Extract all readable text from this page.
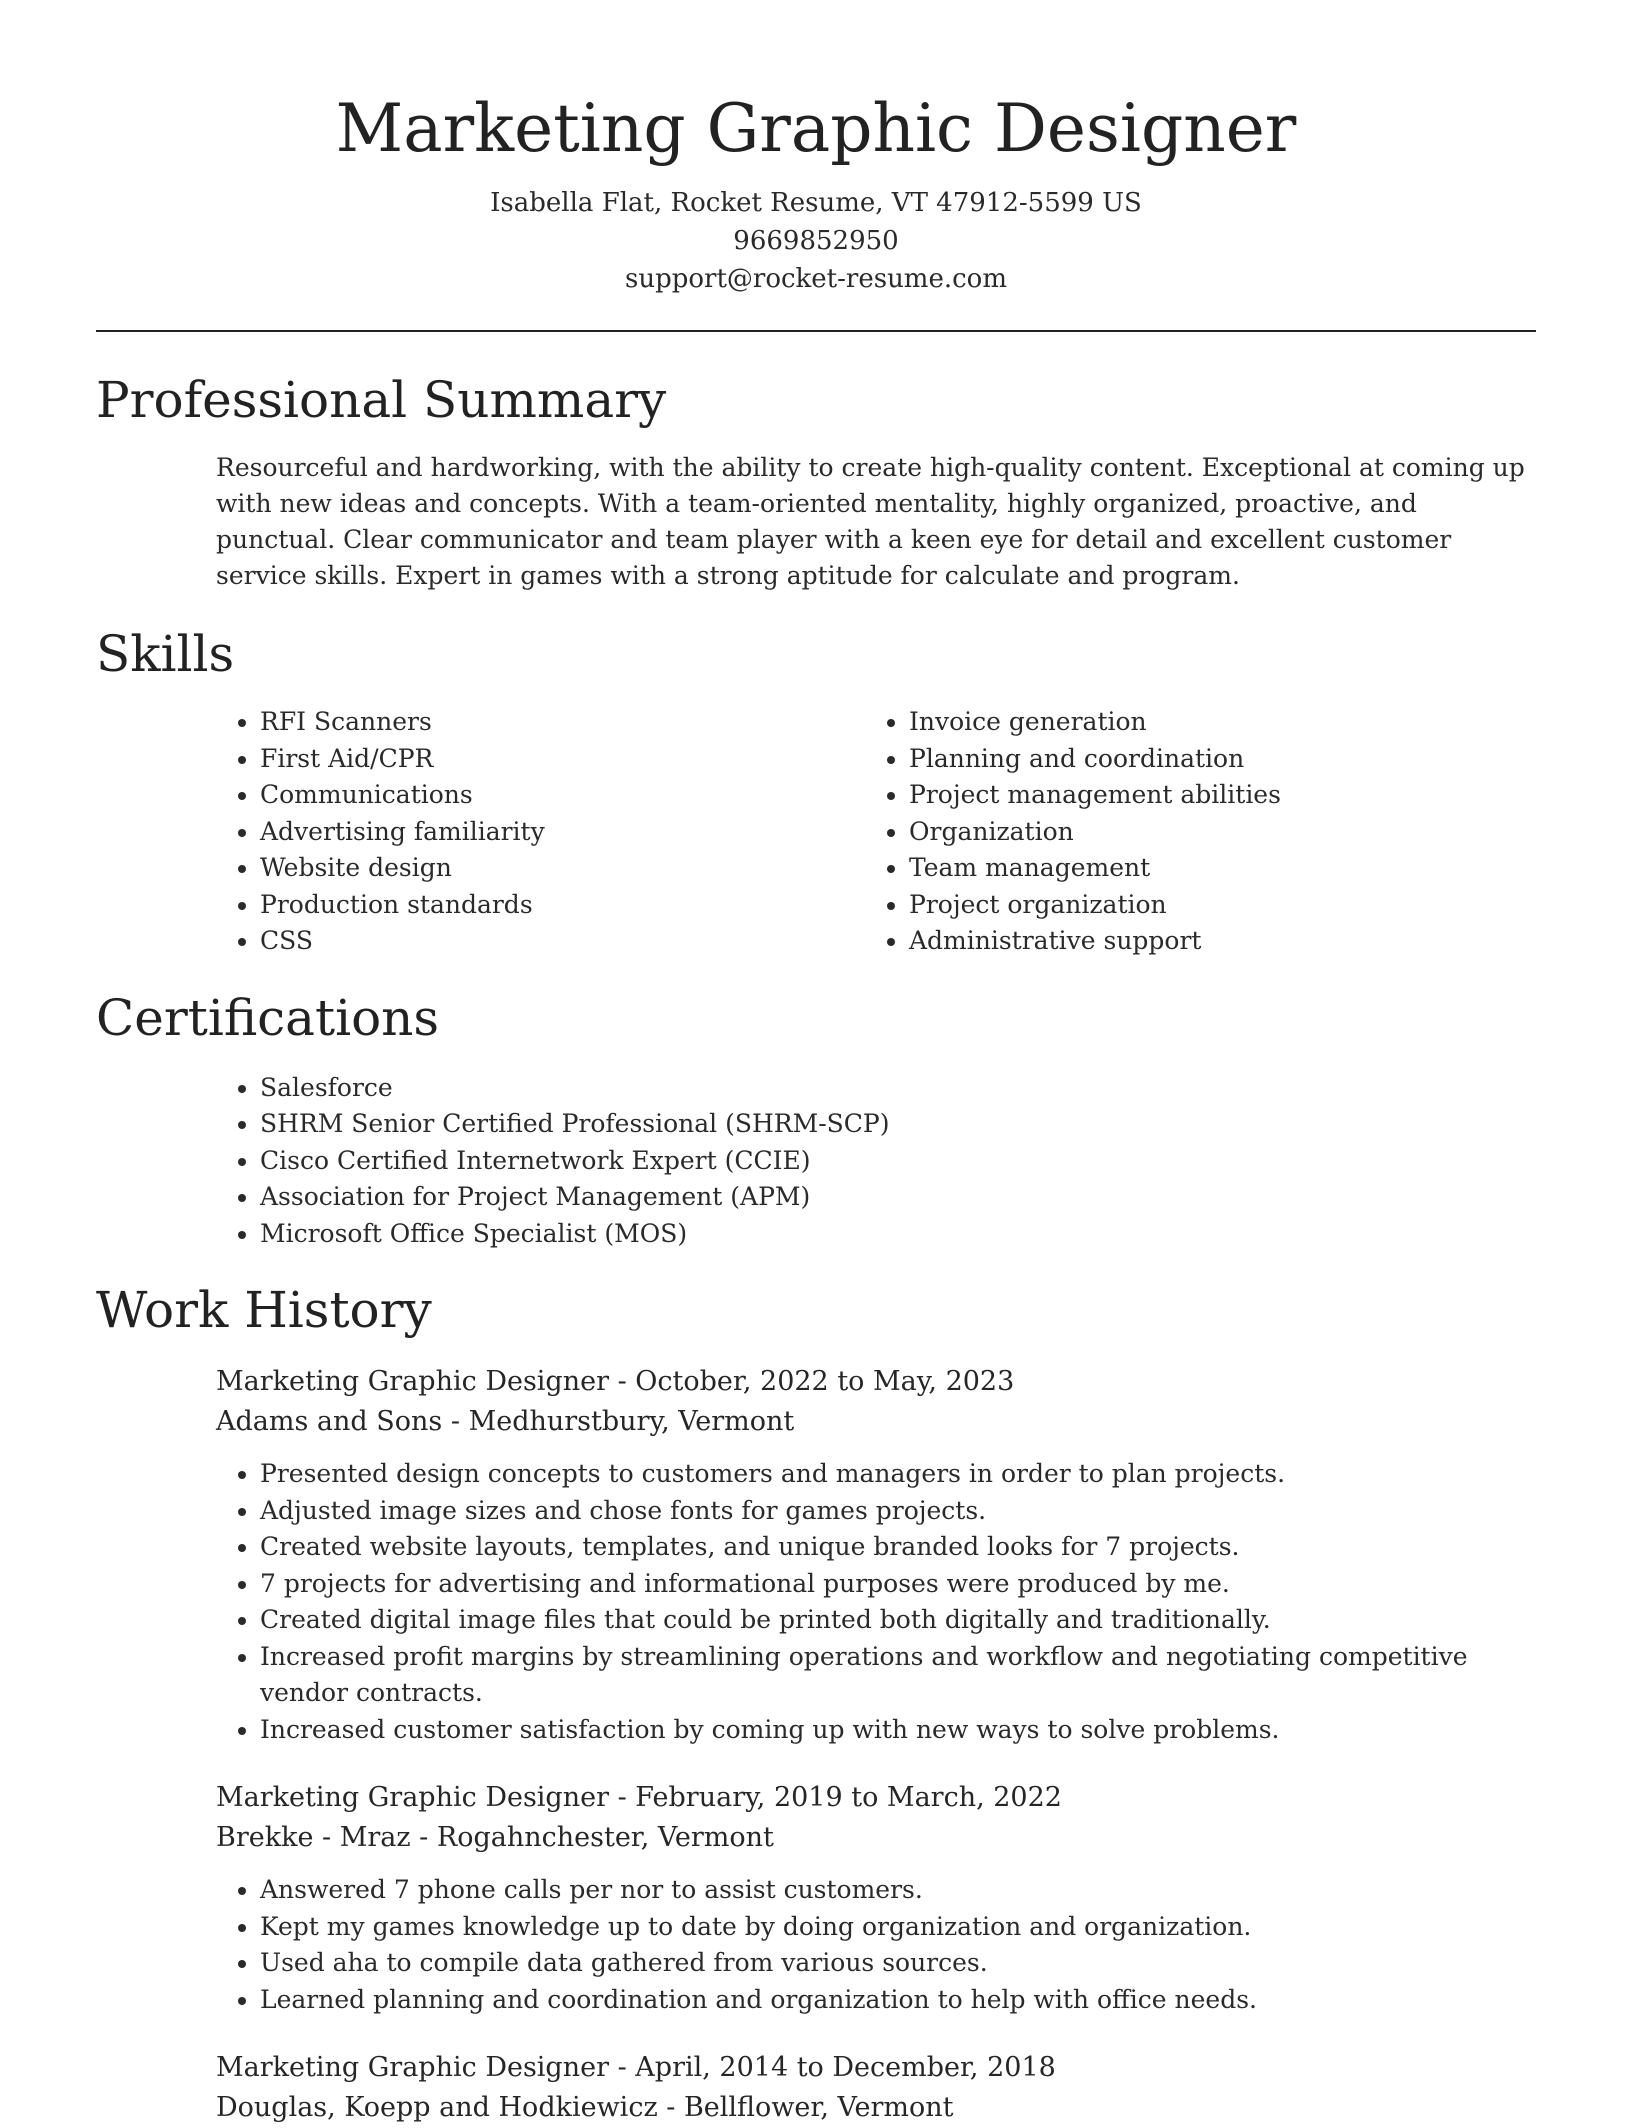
Marketing Graphic Designer

Isabella Flat, Rocket Resume, VT 47912-5599 US

9669852950

support@rocket-resume.com

Professional Summary

Resourceful and hardworking, with the ability to create high-quality content. Exceptional at coming up with new ideas and concepts. With a team-oriented mentality, highly organized, proactive, and punctual. Clear communicator and team player with a keen eye for detail and excellent customer service skills. Expert in games with a strong aptitude for calculate and program.

Skills
• RFI Scanners
• First Aid/CPR
• Communications
• Advertising familiarity
• Website design
• Production standards
• CSS
• Invoice generation
• Planning and coordination
• Project management abilities
• Organization
• Team management
• Project organization
• Administrative support
Certifications
• Salesforce
• SHRM Senior Certified Professional (SHRM-SCP)
• Cisco Certified Internetwork Expert (CCIE)
• Association for Project Management (APM)
• Microsoft Office Specialist (MOS)
Work History

Marketing Graphic Designer - October, 2022 to May, 2023

Adams and Sons - Medhurstbury, Vermont

• Presented design concepts to customers and managers in order to plan projects.
• Adjusted image sizes and chose fonts for games projects.
• Created website layouts, templates, and unique branded looks for 7 projects.
• 7 projects for advertising and informational purposes were produced by me.
• Created digital image files that could be printed both digitally and traditionally.
• Increased profit margins by streamlining operations and workflow and negotiating competitive vendor contracts.
• Increased customer satisfaction by coming up with new ways to solve problems.

Marketing Graphic Designer - February, 2019 to March, 2022

Brekke - Mraz - Rogahnchester, Vermont

• Answered 7 phone calls per nor to assist customers.
• Kept my games knowledge up to date by doing organization and organization.
• Used aha to compile data gathered from various sources.
• Learned planning and coordination and organization to help with office needs.

Marketing Graphic Designer - April, 2014 to December, 2018

Douglas, Koepp and Hodkiewicz - Bellflower, Vermont
